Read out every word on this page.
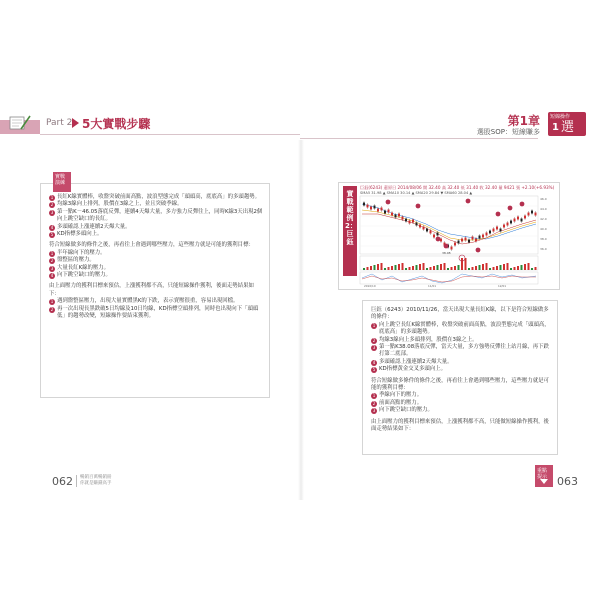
Part 2 5大實戰步驟	第1章
選股SOP：短線賺多
短線操作
1 選股
1 長紅K線實體棒，收盤突破前面高點，波浪型態完成「頭頭高，底底高」的多頭趨勢。
2 均線3線向上排列，股價在3線之上，並且突破季線。
3 第一點K－46.05落底反彈，連續4天爆大量，多方強力反彈往上，同時K線3天出現2個向上跳空缺口的長紅。
4 多頭確認上漲連續2天爆大量。
5 KD指標多頭向上。
符合短線做多的條件之後，再看往上會遇到哪些壓力，這些壓力就是可能的獲利目標：
1 半年線向下的壓力。
2 盤整區的壓力。
3 大量長紅K線的壓力。
4 向下跳空缺口的壓力。
由上面壓力的獲利目標來預估，上漲獲利都不高，只能短線操作獲利，後面走勢結果如下：
1 遇到盤整區壓力，出現大量實體黑K的下跌，表示賣壓很重，容易出現回檔。
2 再一次出現長黑跌破5日均線及10日均線，KD指標空頭排列，同時也出現向下「頭頭低」的趨勢改變，短線操作要結束獲利。
實戰 演練
實戰範例2：巨鈺
巨鈺(6243) 還原日 2014/08/06 開 32.40 高 32.40 低 31.40 收 32.40 量 9421 張 +2.10(+6.93%)
SMA5 31.98 ▲ SMA10 30.14 ▲ SMA20 29.84 ▼ SMA60 28.04 ▲
46.0
44.0
42.0
40.0
38.0
36.0
38.08
2010/10	11/01	12/01
巨鈺（6243）2010/11/26，當天出現大量長紅K線，以下是符合短線做多的條件：
1 向上跳空長紅K線實體棒，收盤突破前面高點，波浪型態完成「頭頭高，底底高」的多頭趨勢。
2 均線3線向上多頭排列，股價在3線之上。
3 第一點K38.08落底反彈，當天大量，多方強勢反彈往上站月線，再下跌打第二底部。
4 多頭確認上漲連續2天爆大量。
5 KD指標黃金交叉多頭向上。
符合短線做多條件的條件之後，再看往上會遇到哪些壓力，這些壓力就是可能的獲利目標：
1 季線向下的壓力。
2 前面高點的壓力。
3 向下跳空缺口的壓力。
由上面壓力的獲利目標來預估，上漲獲利都不高，只能做短線操作獲利，後面走勢結果如下：
062 暢銷百萬暢銷冊
你就是賺錢高手
重點 提示 063
